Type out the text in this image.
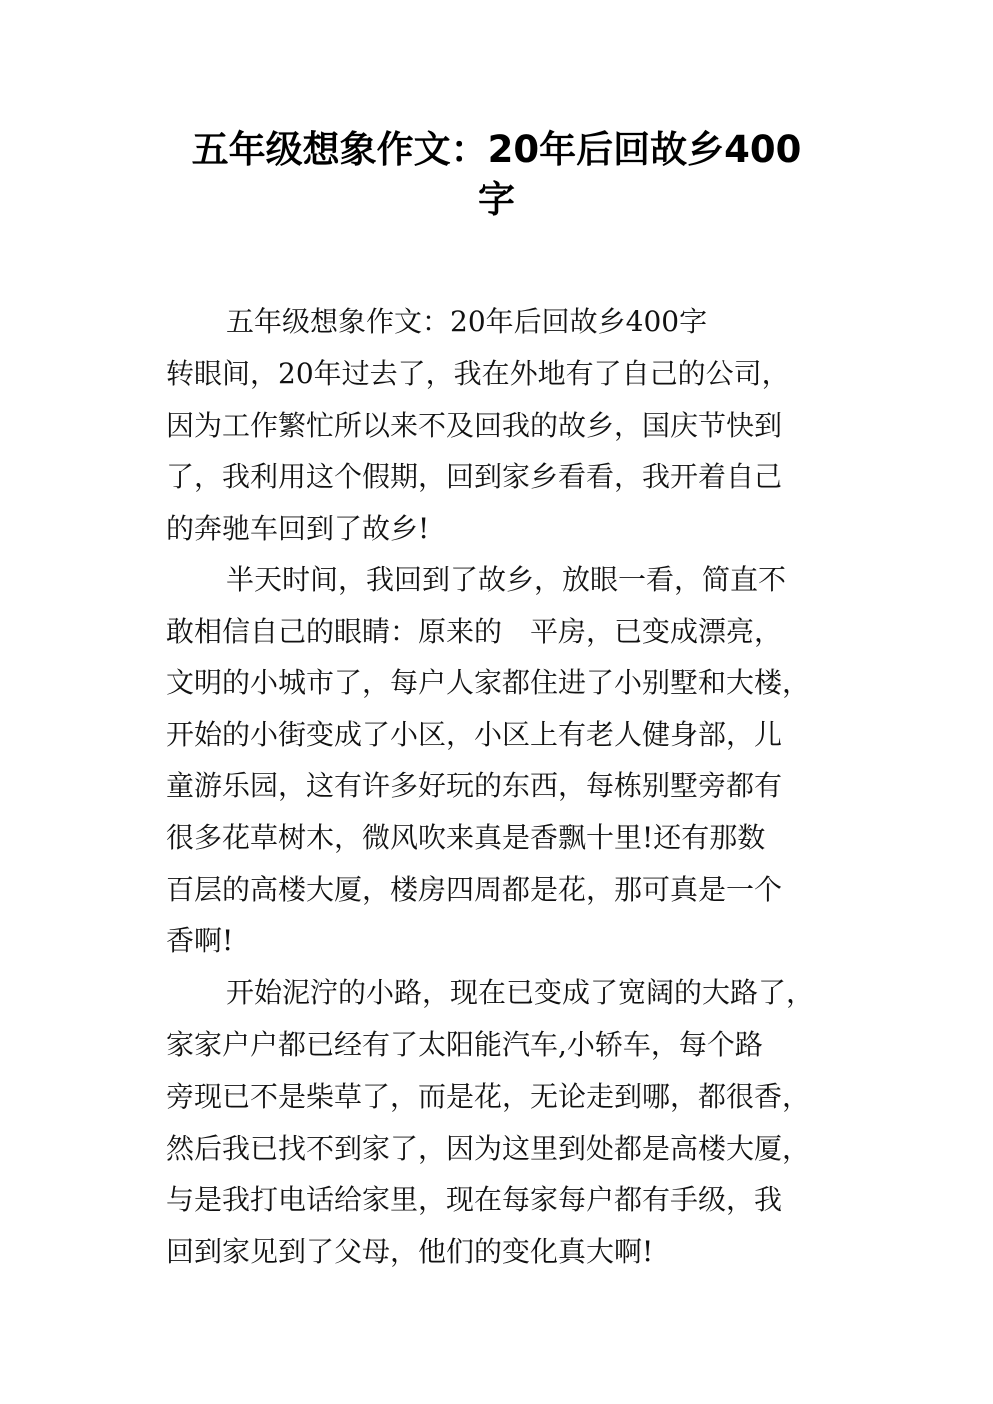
五年级想象作文：20年后回故乡400
字
五年级想象作文：20年后回故乡400字
转眼间，20年过去了，我在外地有了自己的公司，
因为工作繁忙所以来不及回我的故乡，国庆节快到
了，我利用这个假期，回到家乡看看，我开着自己
的奔驰车回到了故乡!
半天时间，我回到了故乡，放眼一看，简直不
敢相信自己的眼睛：原来的　平房，已变成漂亮，
文明的小城市了，每户人家都住进了小别墅和大楼，
开始的小街变成了小区，小区上有老人健身部，儿
童游乐园，这有许多好玩的东西，每栋别墅旁都有
很多花草树木，微风吹来真是香飘十里!还有那数
百层的高楼大厦，楼房四周都是花，那可真是一个
香啊!
开始泥泞的小路，现在已变成了宽阔的大路了，
家家户户都已经有了太阳能汽车,小轿车，每个路
旁现已不是柴草了，而是花，无论走到哪，都很香，
然后我已找不到家了，因为这里到处都是高楼大厦，
与是我打电话给家里，现在每家每户都有手级，我
回到家见到了父母，他们的变化真大啊!
